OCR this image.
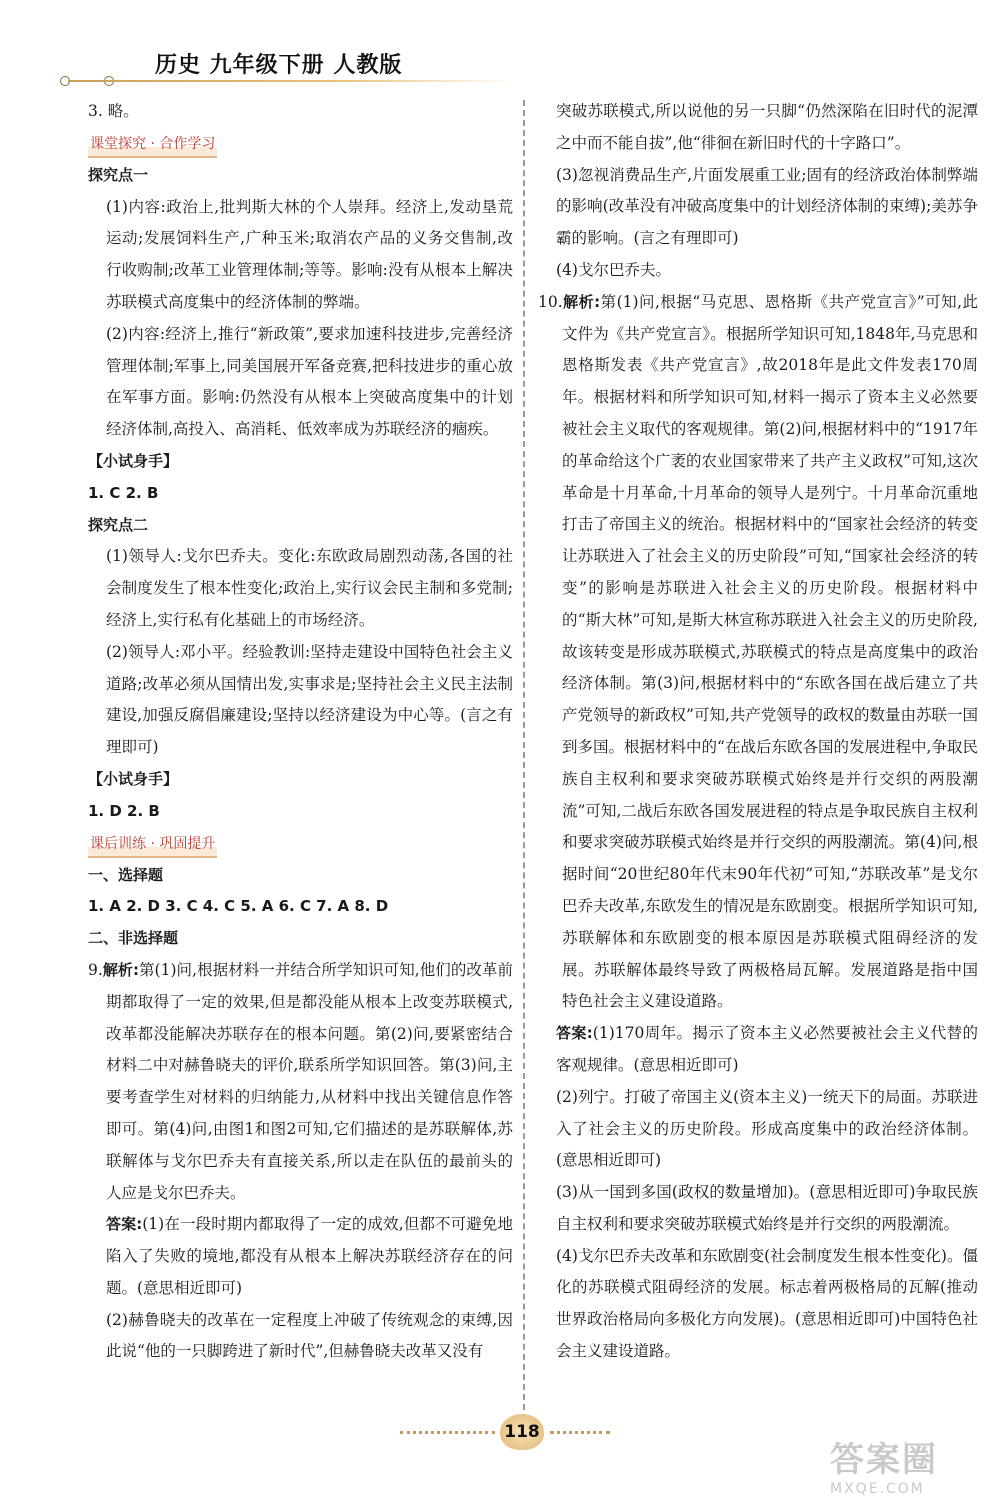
历史 九年级下册 人教版

3. 略。

课堂探究 · 合作学习

探究点一

(1)内容:政治上,批判斯大林的个人崇拜。经济上,发动垦荒运动;发展饲料生产,广种玉米;取消农产品的义务交售制,改行收购制;改革工业管理体制;等等。影响:没有从根本上解决苏联模式高度集中的经济体制的弊端。

(2)内容:经济上,推行“新政策”,要求加速科技进步,完善经济管理体制;军事上,同美国展开军备竞赛,把科技进步的重心放在军事方面。影响:仍然没有从根本上突破高度集中的计划经济体制,高投入、高消耗、低效率成为苏联经济的痼疾。

【小试身手】

1. C 2. B

探究点二

(1)领导人:戈尔巴乔夫。变化:东欧政局剧烈动荡,各国的社会制度发生了根本性变化;政治上,实行议会民主制和多党制;经济上,实行私有化基础上的市场经济。

(2)领导人:邓小平。经验教训:坚持走建设中国特色社会主义道路;改革必须从国情出发,实事求是;坚持社会主义民主法制建设,加强反腐倡廉建设;坚持以经济建设为中心等。(言之有理即可)

【小试身手】

1. D 2. B

课后训练 · 巩固提升

一、选择题

1. A 2. D 3. C 4. C 5. A 6. C 7. A 8. D

二、非选择题

9.解析:第(1)问,根据材料一并结合所学知识可知,他们的改革前期都取得了一定的效果,但是都没能从根本上改变苏联模式,改革都没能解决苏联存在的根本问题。第(2)问,要紧密结合材料二中对赫鲁晓夫的评价,联系所学知识回答。第(3)问,主要考查学生对材料的归纳能力,从材料中找出关键信息作答即可。第(4)问,由图1和图2可知,它们描述的是苏联解体,苏联解体与戈尔巴乔夫有直接关系,所以走在队伍的最前头的人应是戈尔巴乔夫。

答案:(1)在一段时期内都取得了一定的成效,但都不可避免地陷入了失败的境地,都没有从根本上解决苏联经济存在的问题。(意思相近即可)

(2)赫鲁晓夫的改革在一定程度上冲破了传统观念的束缚,因此说“他的一只脚跨进了新时代”,但赫鲁晓夫改革又没有

突破苏联模式,所以说他的另一只脚“仍然深陷在旧时代的泥潭之中而不能自拔”,他“徘徊在新旧时代的十字路口”。

(3)忽视消费品生产,片面发展重工业;固有的经济政治体制弊端的影响(改革没有冲破高度集中的计划经济体制的束缚);美苏争霸的影响。(言之有理即可)

(4)戈尔巴乔夫。

10.解析:第(1)问,根据“马克思、恩格斯《共产党宣言》”可知,此文件为《共产党宣言》。根据所学知识可知,1848年,马克思和恩格斯发表《共产党宣言》,故2018年是此文件发表170周年。根据材料和所学知识可知,材料一揭示了资本主义必然要被社会主义取代的客观规律。第(2)问,根据材料中的“1917年的革命给这个广袤的农业国家带来了共产主义政权”可知,这次革命是十月革命,十月革命的领导人是列宁。十月革命沉重地打击了帝国主义的统治。根据材料中的“国家社会经济的转变让苏联进入了社会主义的历史阶段”可知,“国家社会经济的转变”的影响是苏联进入社会主义的历史阶段。根据材料中的“斯大林”可知,是斯大林宣称苏联进入社会主义的历史阶段,故该转变是形成苏联模式,苏联模式的特点是高度集中的政治经济体制。第(3)问,根据材料中的“东欧各国在战后建立了共产党领导的新政权”可知,共产党领导的政权的数量由苏联一国到多国。根据材料中的“在战后东欧各国的发展进程中,争取民族自主权利和要求突破苏联模式始终是并行交织的两股潮流”可知,二战后东欧各国发展进程的特点是争取民族自主权利和要求突破苏联模式始终是并行交织的两股潮流。第(4)问,根据时间“20世纪80年代末90年代初”可知,“苏联改革”是戈尔巴乔夫改革,东欧发生的情况是东欧剧变。根据所学知识可知,苏联解体和东欧剧变的根本原因是苏联模式阻碍经济的发展。苏联解体最终导致了两极格局瓦解。发展道路是指中国特色社会主义建设道路。

答案:(1)170周年。揭示了资本主义必然要被社会主义代替的客观规律。(意思相近即可)

(2)列宁。打破了帝国主义(资本主义)一统天下的局面。苏联进入了社会主义的历史阶段。形成高度集中的政治经济体制。(意思相近即可)

(3)从一国到多国(政权的数量增加)。(意思相近即可)争取民族自主权利和要求突破苏联模式始终是并行交织的两股潮流。

(4)戈尔巴乔夫改革和东欧剧变(社会制度发生根本性变化)。僵化的苏联模式阻碍经济的发展。标志着两极格局的瓦解(推动世界政治格局向多极化方向发展)。(意思相近即可)中国特色社会主义建设道路。

118
答案圈
MXQE.COM
